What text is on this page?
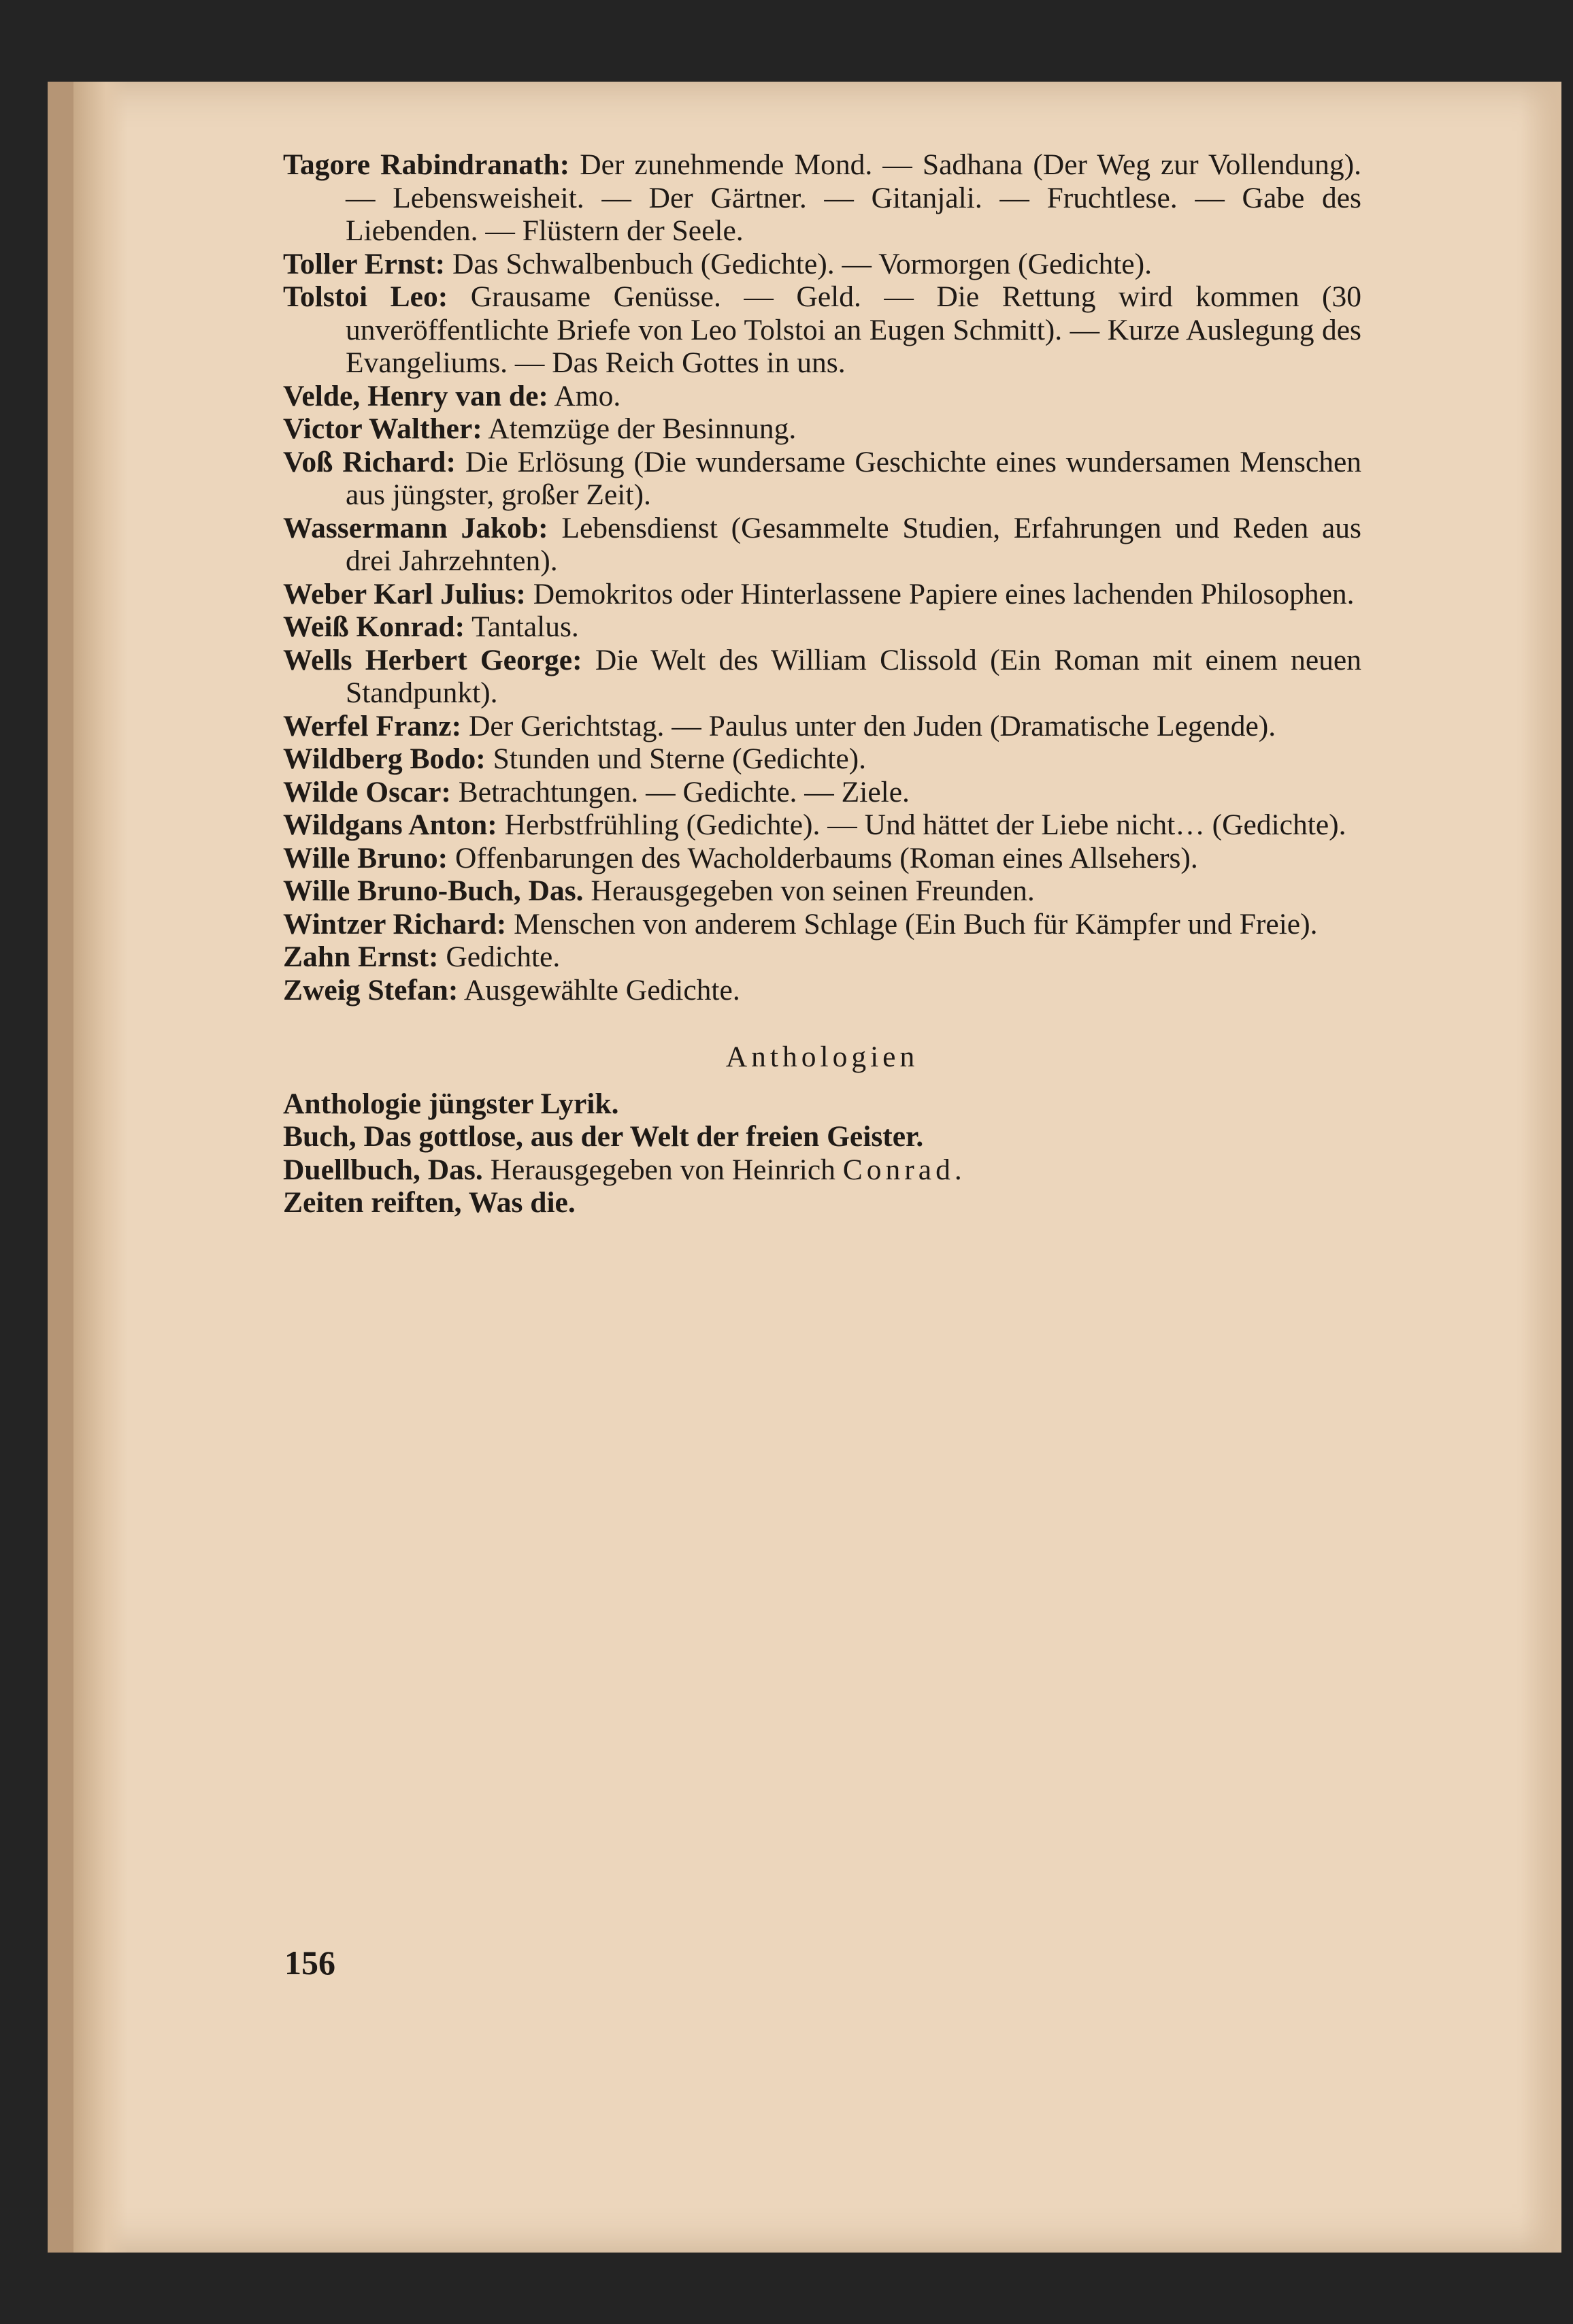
Tagore Rabindranath: Der zunehmende Mond. — Sadhana (Der Weg zur Vollendung). — Lebensweisheit. — Der Gärtner. — Gitanjali. — Fruchtlese. — Gabe des Liebenden. — Flüstern der Seele.

Toller Ernst: Das Schwalbenbuch (Gedichte). — Vormorgen (Gedichte).

Tolstoi Leo: Grausame Genüsse. — Geld. — Die Rettung wird kommen (30 unveröffentlichte Briefe von Leo Tolstoi an Eugen Schmitt). — Kurze Auslegung des Evangeliums. — Das Reich Gottes in uns.

Velde, Henry van de: Amo.

Victor Walther: Atemzüge der Besinnung.

Voß Richard: Die Erlösung (Die wundersame Geschichte eines wundersamen Menschen aus jüngster, großer Zeit).

Wassermann Jakob: Lebensdienst (Gesammelte Studien, Erfahrungen und Reden aus drei Jahrzehnten).

Weber Karl Julius: Demokritos oder Hinterlassene Papiere eines lachenden Philosophen.

Weiß Konrad: Tantalus.

Wells Herbert George: Die Welt des William Clissold (Ein Roman mit einem neuen Standpunkt).

Werfel Franz: Der Gerichtstag. — Paulus unter den Juden (Dramatische Legende).

Wildberg Bodo: Stunden und Sterne (Gedichte).

Wilde Oscar: Betrachtungen. — Gedichte. — Ziele.

Wildgans Anton: Herbstfrühling (Gedichte). — Und hättet der Liebe nicht… (Gedichte).

Wille Bruno: Offenbarungen des Wacholderbaums (Roman eines Allsehers).

Wille Bruno-Buch, Das. Herausgegeben von seinen Freunden.

Wintzer Richard: Menschen von anderem Schlage (Ein Buch für Kämpfer und Freie).

Zahn Ernst: Gedichte.

Zweig Stefan: Ausgewählte Gedichte.

Anthologien

Anthologie jüngster Lyrik.

Buch, Das gottlose, aus der Welt der freien Geister.

Duellbuch, Das. Herausgegeben von Heinrich Conrad.

Zeiten reiften, Was die.

156
